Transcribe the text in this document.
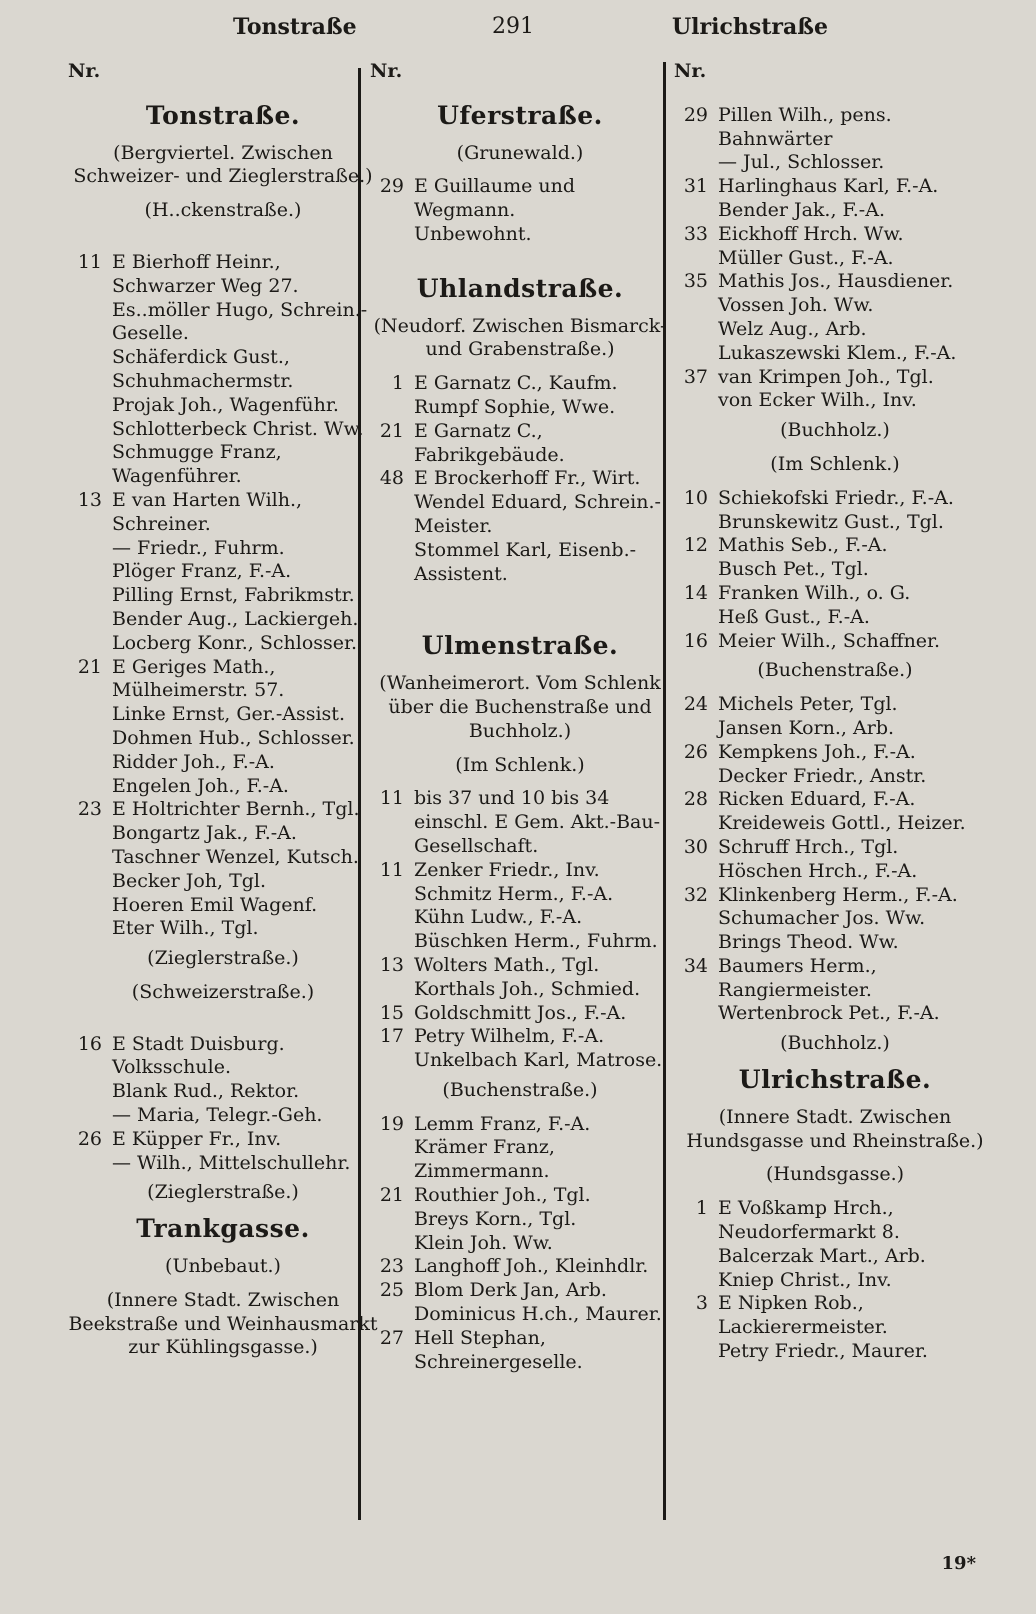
Tonstraße	291	Ulrichstraße
Nr.
Tonstraße.
(Bergviertel. Zwischen Schweizer- und Zieglerstraße.)
(H..ckenstraße.)
11 E Bierhoff Heinr., Schwarzer Weg 27.
Es..möller Hugo, Schrein.-Geselle.
Schäferdick Gust., Schuhmachermstr.
Projak Joh., Wagenführ.
Schlotterbeck Christ. Ww.
Schmugge Franz, Wagenführer.
13 E van Harten Wilh., Schreiner.
— Friedr., Fuhrm.
Plöger Franz, F.-A.
Pilling Ernst, Fabrikmstr.
Bender Aug., Lackiergeh.
Locberg Konr., Schlosser.
21 E Geriges Math., Mülheimerstr. 57.
Linke Ernst, Ger.-Assist.
Dohmen Hub., Schlosser.
Ridder Joh., F.-A.
Engelen Joh., F.-A.
23 E Holtrichter Bernh., Tgl.
Bongartz Jak., F.-A.
Taschner Wenzel, Kutsch.
Becker Joh, Tgl.
Hoeren Emil Wagenf.
Eter Wilh., Tgl.
(Zieglerstraße.)
(Schweizerstraße.)
16 E Stadt Duisburg. Volksschule.
Blank Rud., Rektor.
— Maria, Telegr.-Geh.
26 E Küpper Fr., Inv.
— Wilh., Mittelschullehr.
(Zieglerstraße.)
Trankgasse.
(Unbebaut.)
(Innere Stadt. Zwischen Beekstraße und Weinhausmarkt zur Kühlingsgasse.)
Nr.
Uferstraße.
(Grunewald.)
29 E Guillaume und Wegmann.
Unbewohnt.
Uhlandstraße.
(Neudorf. Zwischen Bismarck- und Grabenstraße.)
1 E Garnatz C., Kaufm.
Rumpf Sophie, Wwe.
21 E Garnatz C., Fabrikgebäude.
48 E Brockerhoff Fr., Wirt.
Wendel Eduard, Schrein.-Meister.
Stommel Karl, Eisenb.-Assistent.
Ulmenstraße.
(Wanheimerort. Vom Schlenk über die Buchenstraße und Buchholz.)
(Im Schlenk.)
11 bis 37 und 10 bis 34 einschl. E Gem. Akt.-Bau-Gesellschaft.
11 Zenker Friedr., Inv.
Schmitz Herm., F.-A.
Kühn Ludw., F.-A.
Büschken Herm., Fuhrm.
13 Wolters Math., Tgl.
Korthals Joh., Schmied.
15 Goldschmitt Jos., F.-A.
17 Petry Wilhelm, F.-A.
Unkelbach Karl, Matrose.
(Buchenstraße.)
19 Lemm Franz, F.-A.
Krämer Franz, Zimmermann.
21 Routhier Joh., Tgl.
Breys Korn., Tgl.
Klein Joh. Ww.
23 Langhoff Joh., Kleinhdlr.
25 Blom Derk Jan, Arb.
Dominicus H.ch., Maurer.
27 Hell Stephan, Schreinergeselle.
Nr.
29 Pillen Wilh., pens. Bahnwärter
— Jul., Schlosser.
31 Harlinghaus Karl, F.-A.
Bender Jak., F.-A.
33 Eickhoff Hrch. Ww.
Müller Gust., F.-A.
35 Mathis Jos., Hausdiener.
Vossen Joh. Ww.
Welz Aug., Arb.
Lukaszewski Klem., F.-A.
37 van Krimpen Joh., Tgl.
von Ecker Wilh., Inv.
(Buchholz.)
(Im Schlenk.)
10 Schiekofski Friedr., F.-A.
Brunskewitz Gust., Tgl.
12 Mathis Seb., F.-A.
Busch Pet., Tgl.
14 Franken Wilh., o. G.
Heß Gust., F.-A.
16 Meier Wilh., Schaffner.
(Buchenstraße.)
24 Michels Peter, Tgl.
Jansen Korn., Arb.
26 Kempkens Joh., F.-A.
Decker Friedr., Anstr.
28 Ricken Eduard, F.-A.
Kreideweis Gottl., Heizer.
30 Schruff Hrch., Tgl.
Höschen Hrch., F.-A.
32 Klinkenberg Herm., F.-A.
Schumacher Jos. Ww.
Brings Theod. Ww.
34 Baumers Herm., Rangiermeister.
Wertenbrock Pet., F.-A.
(Buchholz.)
Ulrichstraße.
(Innere Stadt. Zwischen Hundsgasse und Rheinstraße.)
(Hundsgasse.)
1 E Voßkamp Hrch., Neudorfermarkt 8.
Balcerzak Mart., Arb.
Kniep Christ., Inv.
3 E Nipken Rob., Lackierermeister.
Petry Friedr., Maurer.
19*
